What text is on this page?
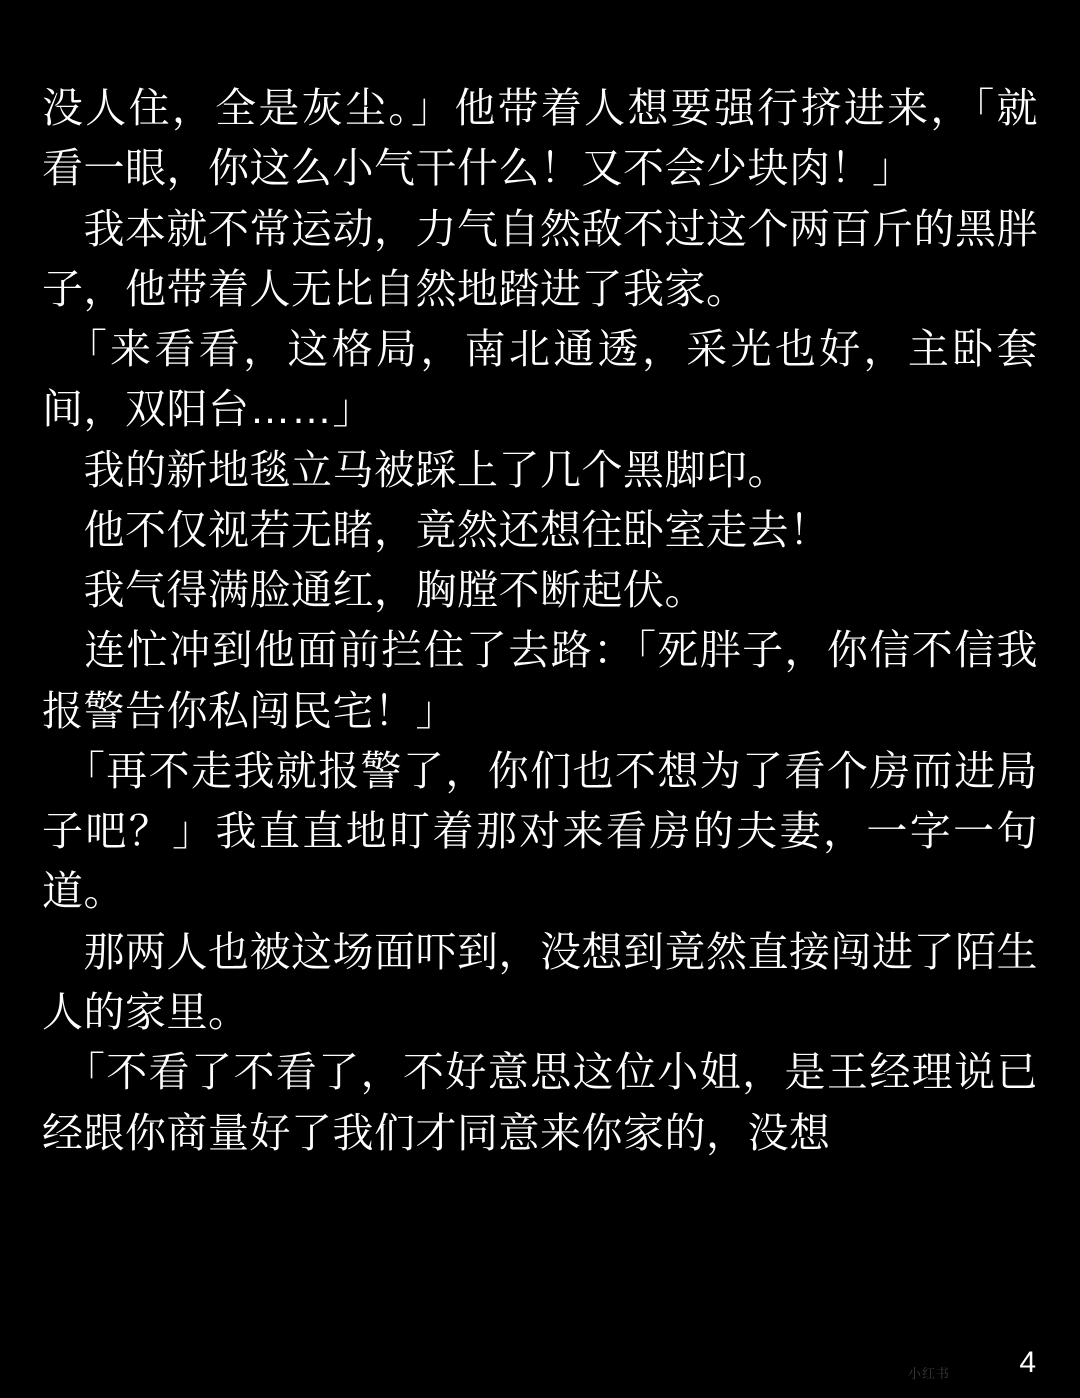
没人住，全是灰尘。」他带着人想要强行挤进来，「就看一眼，你这么小气干什么！又不会少块肉！」

　我本就不常运动，力气自然敌不过这个两百斤的黑胖子，他带着人无比自然地踏进了我家。

　「来看看，这格局，南北通透，采光也好，主卧套间，双阳台……」

　我的新地毯立马被踩上了几个黑脚印。

　他不仅视若无睹，竟然还想往卧室走去！

　我气得满脸通红，胸膛不断起伏。

　连忙冲到他面前拦住了去路：「死胖子，你信不信我报警告你私闯民宅！」

　「再不走我就报警了，你们也不想为了看个房而进局子吧？」我直直地盯着那对来看房的夫妻，一字一句道。

　那两人也被这场面吓到，没想到竟然直接闯进了陌生人的家里。

　「不看了不看了，不好意思这位小姐，是王经理说已经跟你商量好了我们才同意来你家的，没想

小红书 4
